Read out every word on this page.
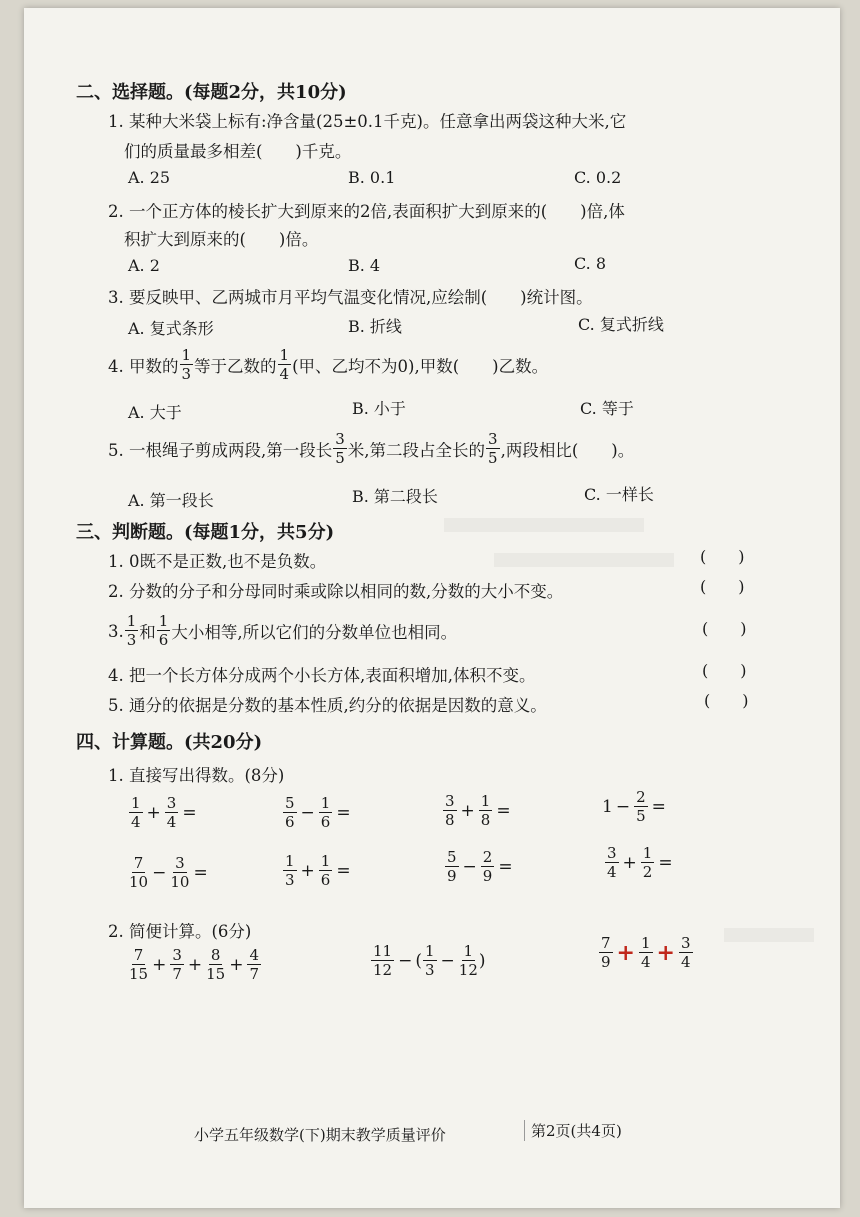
二、选择题。(每题2分，共10分)
1. 某种大米袋上标有:净含量(25±0.1千克)。任意拿出两袋这种大米,它
们的质量最多相差(　　)千克。
A. 25	B. 0.1	C. 0.2
2. 一个正方体的棱长扩大到原来的2倍,表面积扩大到原来的(　　)倍,体
积扩大到原来的(　　)倍。
A. 2	B. 4	C. 8
3. 要反映甲、乙两城市月平均气温变化情况,应绘制(　　)统计图。
A. 复式条形	B. 折线	C. 复式折线
4. 甲数的 $\frac{1}{3}$ 等于乙数的 $\frac{1}{4}$ (甲、乙均不为0),甲数(　　)乙数。
A. 大于	B. 小于	C. 等于
5. 一根绳子剪成两段,第一段长 $\frac{3}{5}$ 米,第二段占全长的 $\frac{3}{5}$ ,两段相比(　　)。
A. 第一段长	B. 第二段长	C. 一样长
三、判断题。(每题1分，共5分)
1. 0既不是正数,也不是负数。	(　　)
2. 分数的分子和分母同时乘或除以相同的数,分数的大小不变。	(　　)
3. $\frac{1}{3}$ 和 $\frac{1}{6}$ 大小相等,所以它们的分数单位也相同。	(　　)
4. 把一个长方体分成两个小长方体,表面积增加,体积不变。	(　　)
5. 通分的依据是分数的基本性质,约分的依据是因数的意义。	(　　)
四、计算题。(共20分)
1. 直接写出得数。(8分)
$\frac{1}{4} + \frac{3}{4}$ =	$\frac{5}{6} - \frac{1}{6}$ =	$\frac{3}{8} + \frac{1}{8}$ =	$1 - \frac{2}{5}$ =
$\frac{7}{10} - \frac{3}{10}$ =	$\frac{1}{3} + \frac{1}{6}$ =	$\frac{5}{9} - \frac{2}{9}$ =	$\frac{3}{4} + \frac{1}{2}$ =
2. 简便计算。(6分)
$\frac{7}{15} + \frac{3}{7} + \frac{8}{15} + \frac{4}{7}$	$\frac{11}{12}$ − ( $\frac{1}{3} - \frac{1}{12}$ )	$\frac{7}{9} + \frac{1}{4} + \frac{3}{4}$
小学五年级数学(下)期末教学质量评价	第2页(共4页)
